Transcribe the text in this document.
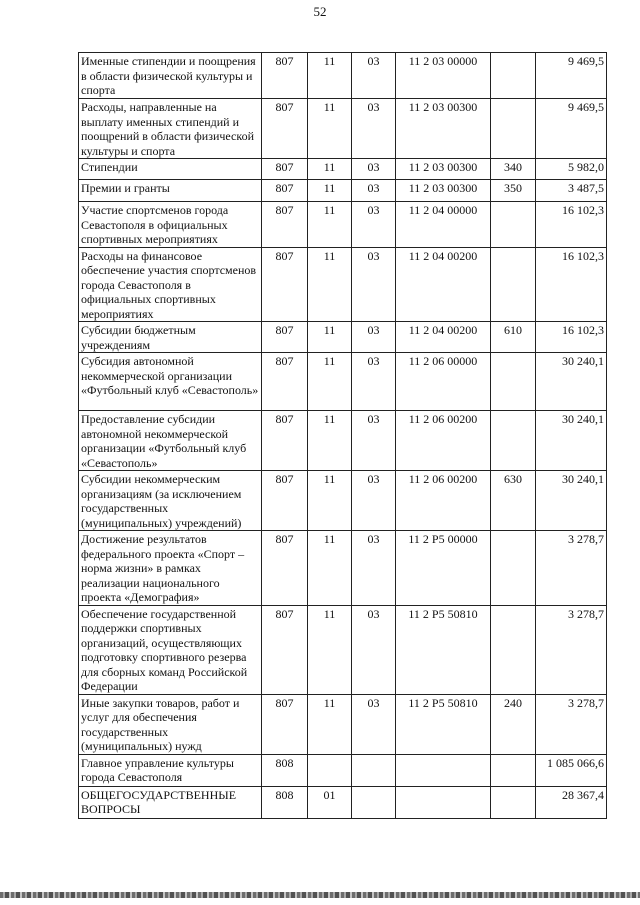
52
Именные стипендии и поощрения в области физической культуры и спорта	807	11	03	11 2 03 00000		9 469,5
Расходы, направленные на выплату именных стипендий и поощрений в области физической культуры и спорта	807	11	03	11 2 03 00300		9 469,5
Стипендии	807	11	03	11 2 03 00300	340	5 982,0
Премии и гранты	807	11	03	11 2 03 00300	350	3 487,5
Участие спортсменов города Севастополя в официальных спортивных мероприятиях	807	11	03	11 2 04 00000		16 102,3
Расходы на финансовое обеспечение участия спортсменов города Севастополя в официальных спортивных мероприятиях	807	11	03	11 2 04 00200		16 102,3
Субсидии бюджетным учреждениям	807	11	03	11 2 04 00200	610	16 102,3
Субсидия автономной некоммерческой организации «Футбольный клуб «Севастополь»	807	11	03	11 2 06 00000		30 240,1
Предоставление субсидии автономной некоммерческой организации «Футбольный клуб «Севастополь»	807	11	03	11 2 06 00200		30 240,1
Субсидии некоммерческим организациям (за исключением государственных (муниципальных) учреждений)	807	11	03	11 2 06 00200	630	30 240,1
Достижение результатов федерального проекта «Спорт – норма жизни» в рамках реализации национального проекта «Демография»	807	11	03	11 2 P5 00000		3 278,7
Обеспечение государственной поддержки спортивных организаций, осуществляющих подготовку спортивного резерва для сборных команд Российской Федерации	807	11	03	11 2 P5 50810		3 278,7
Иные закупки товаров, работ и услуг для обеспечения государственных (муниципальных) нужд	807	11	03	11 2 P5 50810	240	3 278,7
Главное управление культуры города Севастополя	808					1 085 066,6
ОБЩЕГОСУДАРСТВЕННЫЕ ВОПРОСЫ	808	01				28 367,4
